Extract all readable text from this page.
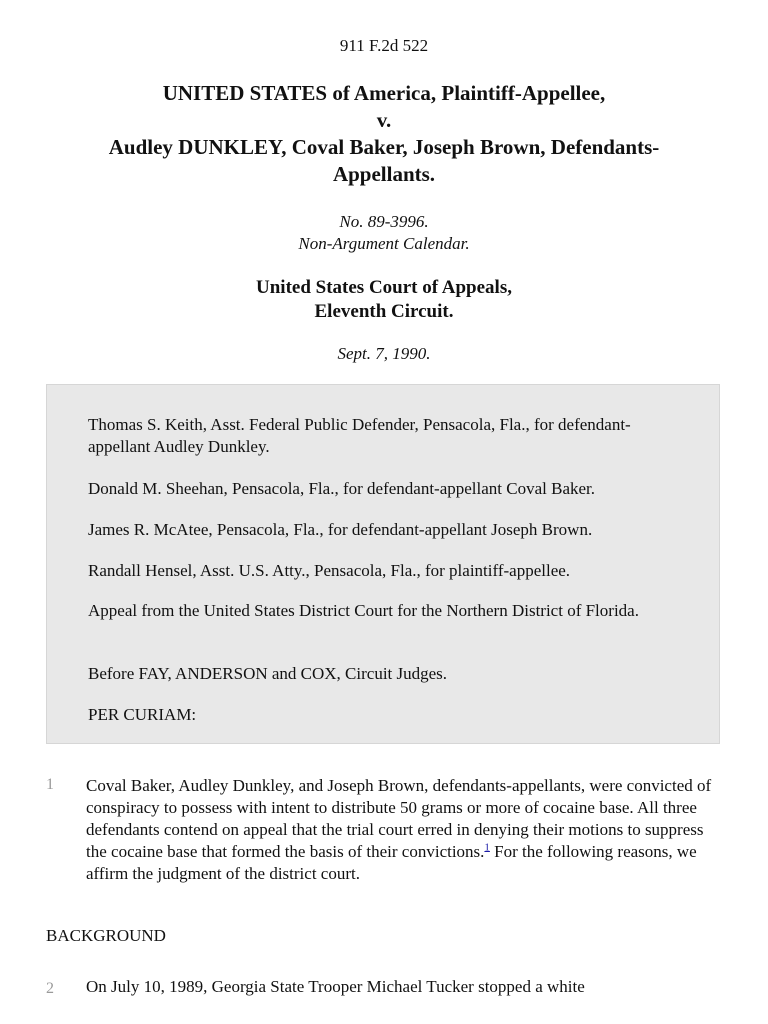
911 F.2d 522
UNITED STATES of America, Plaintiff-Appellee,
v.
Audley DUNKLEY, Coval Baker, Joseph Brown, Defendants-
Appellants.
No. 89-3996.
Non-Argument Calendar.
United States Court of Appeals,
Eleventh Circuit.
Sept. 7, 1990.

Thomas S. Keith, Asst. Federal Public Defender, Pensacola, Fla., for defendant-appellant Audley Dunkley.

Donald M. Sheehan, Pensacola, Fla., for defendant-appellant Coval Baker.

James R. McAtee, Pensacola, Fla., for defendant-appellant Joseph Brown.

Randall Hensel, Asst. U.S. Atty., Pensacola, Fla., for plaintiff-appellee.

Appeal from the United States District Court for the Northern District of Florida.

Before FAY, ANDERSON and COX, Circuit Judges.

PER CURIAM:

1 Coval Baker, Audley Dunkley, and Joseph Brown, defendants-appellants, were convicted of conspiracy to possess with intent to distribute 50 grams or more of cocaine base. All three defendants contend on appeal that the trial court erred in denying their motions to suppress the cocaine base that formed the basis of their convictions.$^1$ For the following reasons, we affirm the judgment of the district court.
BACKGROUND
2 On July 10, 1989, Georgia State Trooper Michael Tucker stopped a white
